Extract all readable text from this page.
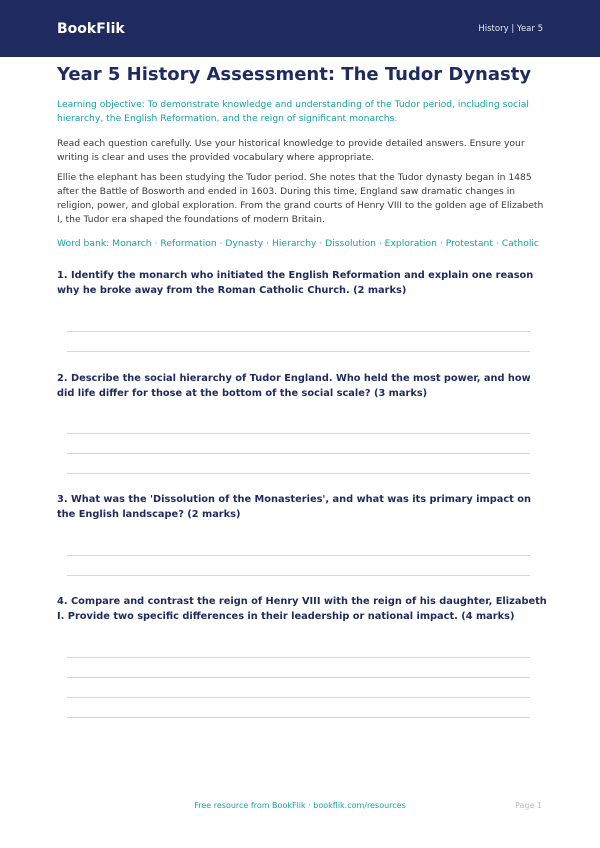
BookFlik	History | Year 5
Year 5 History Assessment: The Tudor Dynasty

Learning objective: To demonstrate knowledge and understanding of the Tudor period, including social hierarchy, the English Reformation, and the reign of significant monarchs.

Read each question carefully. Use your historical knowledge to provide detailed answers. Ensure your writing is clear and uses the provided vocabulary where appropriate.

Ellie the elephant has been studying the Tudor period. She notes that the Tudor dynasty began in 1485 after the Battle of Bosworth and ended in 1603. During this time, England saw dramatic changes in religion, power, and global exploration. From the grand courts of Henry VIII to the golden age of Elizabeth I, the Tudor era shaped the foundations of modern Britain.

Word bank: Monarch · Reformation · Dynasty · Hierarchy · Dissolution · Exploration · Protestant · Catholic

1. Identify the monarch who initiated the English Reformation and explain one reason why he broke away from the Roman Catholic Church. (2 marks)

2. Describe the social hierarchy of Tudor England. Who held the most power, and how did life differ for those at the bottom of the social scale? (3 marks)

3. What was the 'Dissolution of the Monasteries', and what was its primary impact on the English landscape? (2 marks)

4. Compare and contrast the reign of Henry VIII with the reign of his daughter, Elizabeth I. Provide two specific differences in their leadership or national impact. (4 marks)

Free resource from BookFlik · bookflik.com/resources	Page 1
